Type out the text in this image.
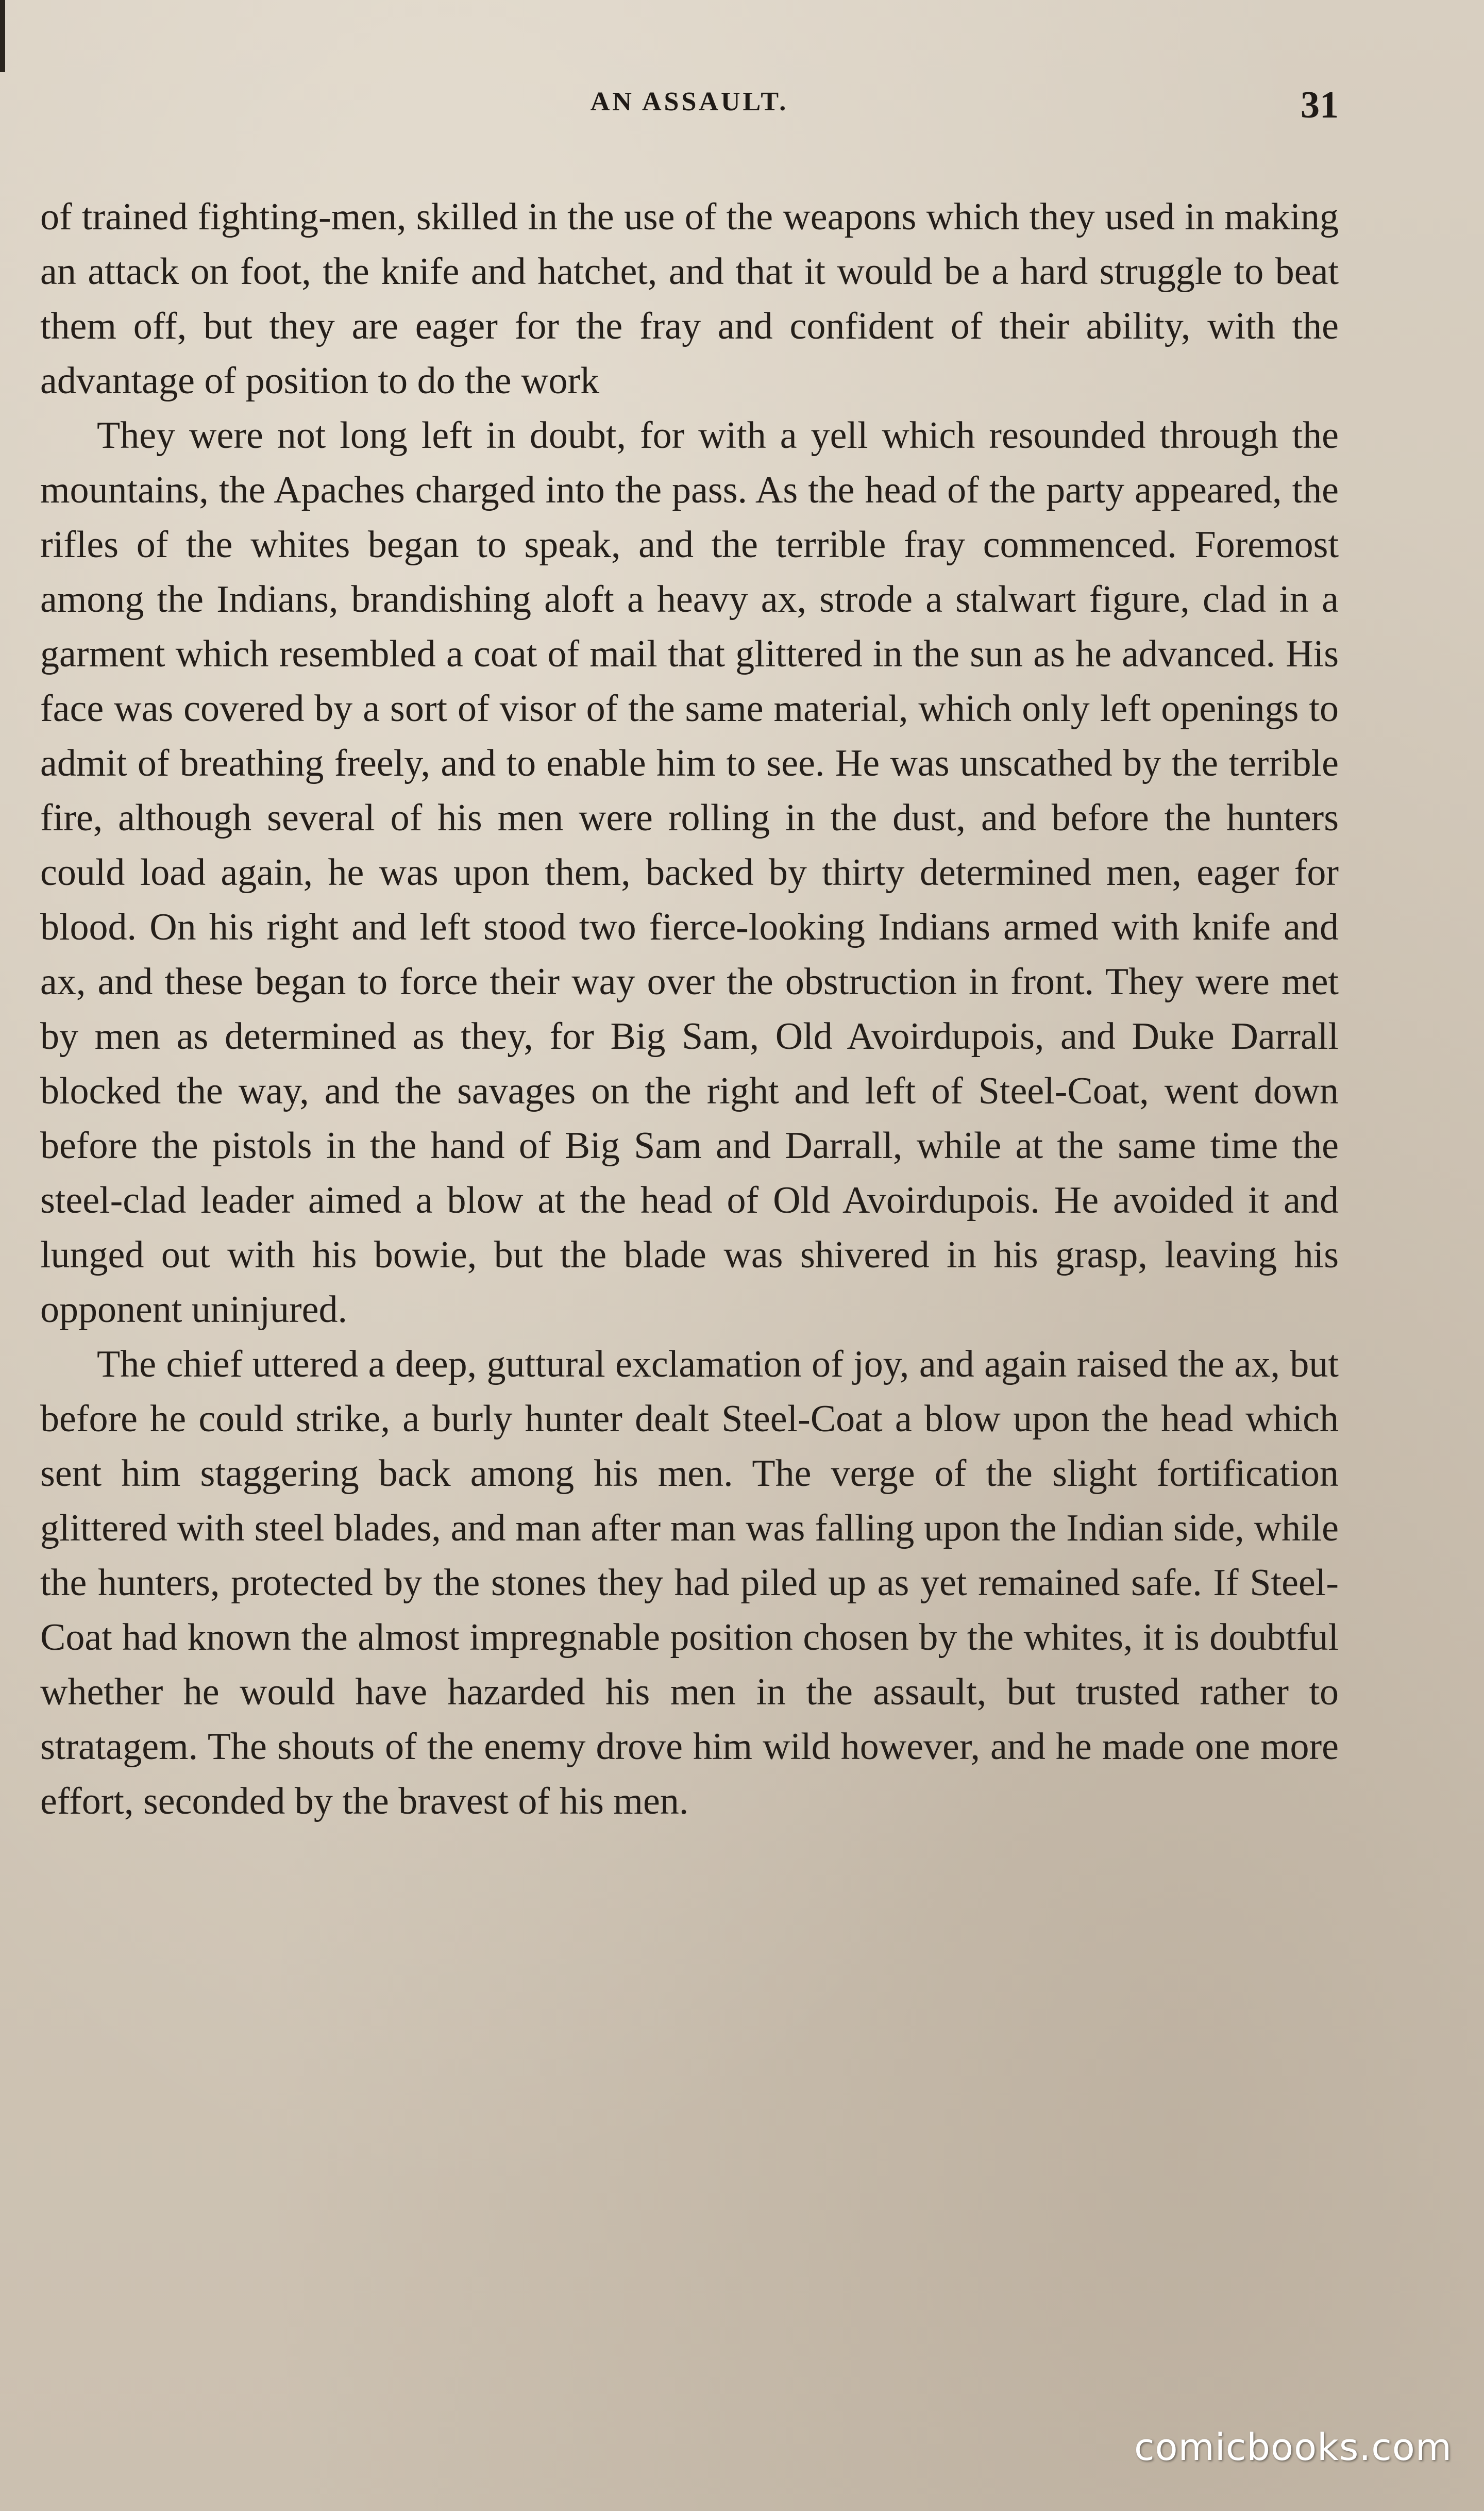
AN ASSAULT.	31

of trained fighting-men, skilled in the use of the weapons which they used in making an attack on foot, the knife and hatchet, and that it would be a hard struggle to beat them off, but they are eager for the fray and confident of their ability, with the advantage of position to do the work

They were not long left in doubt, for with a yell which resounded through the mountains, the Apaches charged into the pass. As the head of the party appeared, the rifles of the whites began to speak, and the terrible fray commenced. Foremost among the Indians, brandishing aloft a heavy ax, strode a stalwart figure, clad in a garment which resembled a coat of mail that glittered in the sun as he advanced. His face was covered by a sort of visor of the same material, which only left openings to admit of breathing freely, and to enable him to see. He was unscathed by the terrible fire, although several of his men were rolling in the dust, and before the hunters could load again, he was upon them, backed by thirty determined men, eager for blood. On his right and left stood two fierce-looking Indians armed with knife and ax, and these began to force their way over the obstruction in front. They were met by men as determined as they, for Big Sam, Old Avoirdupois, and Duke Darrall blocked the way, and the savages on the right and left of Steel-Coat, went down before the pistols in the hand of Big Sam and Darrall, while at the same time the steel-clad leader aimed a blow at the head of Old Avoirdupois. He avoided it and lunged out with his bowie, but the blade was shivered in his grasp, leaving his opponent uninjured.

The chief uttered a deep, guttural exclamation of joy, and again raised the ax, but before he could strike, a burly hunter dealt Steel-Coat a blow upon the head which sent him staggering back among his men. The verge of the slight fortification glittered with steel blades, and man after man was falling upon the Indian side, while the hunters, protected by the stones they had piled up as yet remained safe. If Steel-Coat had known the almost impregnable position chosen by the whites, it is doubtful whether he would have hazarded his men in the assault, but trusted rather to stratagem. The shouts of the enemy drove him wild however, and he made one more effort, seconded by the bravest of his men.

comicbooks.com
